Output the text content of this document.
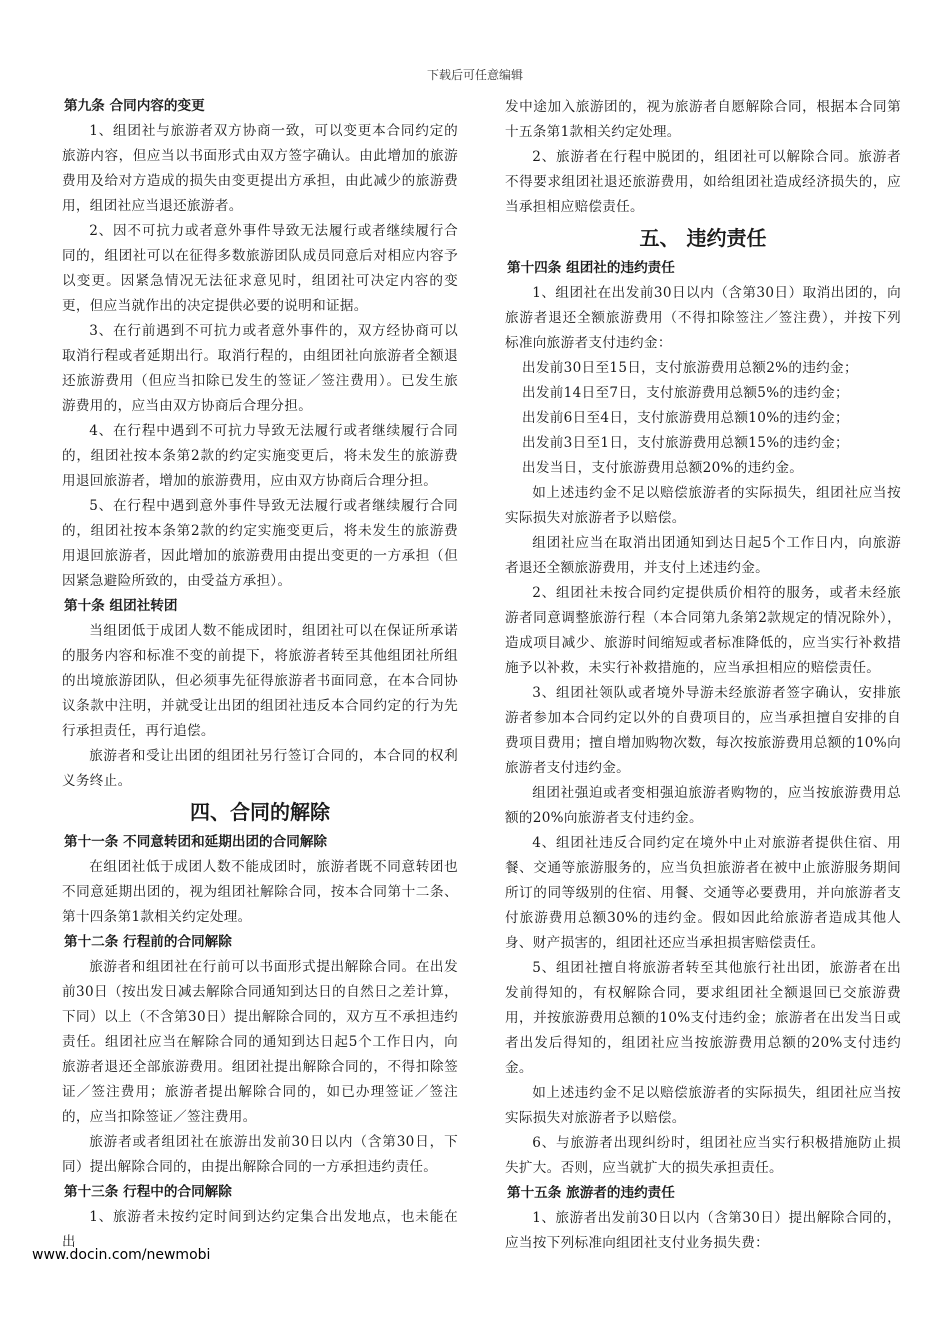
下载后可任意编辑

第九条 合同内容的变更

1、组团社与旅游者双方协商一致，可以变更本合同约定的旅游内容，但应当以书面形式由双方签字确认。由此增加的旅游费用及给对方造成的损失由变更提出方承担，由此减少的旅游费用，组团社应当退还旅游者。

2、因不可抗力或者意外事件导致无法履行或者继续履行合同的，组团社可以在征得多数旅游团队成员同意后对相应内容予以变更。因紧急情况无法征求意见时，组团社可决定内容的变更，但应当就作出的决定提供必要的说明和证据。

3、在行前遇到不可抗力或者意外事件的，双方经协商可以取消行程或者延期出行。取消行程的，由组团社向旅游者全额退还旅游费用（但应当扣除已发生的签证／签注费用）。已发生旅游费用的，应当由双方协商后合理分担。

4、在行程中遇到不可抗力导致无法履行或者继续履行合同的，组团社按本条第2款的约定实施变更后，将未发生的旅游费用退回旅游者，增加的旅游费用，应由双方协商后合理分担。

5、在行程中遇到意外事件导致无法履行或者继续履行合同的，组团社按本条第2款的约定实施变更后，将未发生的旅游费用退回旅游者，因此增加的旅游费用由提出变更的一方承担（但因紧急避险所致的，由受益方承担）。

第十条 组团社转团

当组团低于成团人数不能成团时，组团社可以在保证所承诺的服务内容和标准不变的前提下，将旅游者转至其他组团社所组的出境旅游团队，但必须事先征得旅游者书面同意，在本合同协议条款中注明，并就受让出团的组团社违反本合同约定的行为先行承担责任，再行追偿。

旅游者和受让出团的组团社另行签订合同的，本合同的权利义务终止。

四、合同的解除

第十一条 不同意转团和延期出团的合同解除

在组团社低于成团人数不能成团时，旅游者既不同意转团也不同意延期出团的，视为组团社解除合同，按本合同第十二条、第十四条第1款相关约定处理。

第十二条 行程前的合同解除

旅游者和组团社在行前可以书面形式提出解除合同。在出发前30日（按出发日减去解除合同通知到达日的自然日之差计算，下同）以上（不含第30日）提出解除合同的，双方互不承担违约责任。组团社应当在解除合同的通知到达日起5个工作日内，向旅游者退还全部旅游费用。组团社提出解除合同的，不得扣除签证／签注费用；旅游者提出解除合同的，如已办理签证／签注的，应当扣除签证／签注费用。

旅游者或者组团社在旅游出发前30日以内（含第30日，下同）提出解除合同的，由提出解除合同的一方承担违约责任。

第十三条 行程中的合同解除

1、旅游者未按约定时间到达约定集合出发地点，也未能在出

发中途加入旅游团的，视为旅游者自愿解除合同，根据本合同第十五条第1款相关约定处理。

2、旅游者在行程中脱团的，组团社可以解除合同。旅游者不得要求组团社退还旅游费用，如给组团社造成经济损失的，应当承担相应赔偿责任。

五、 违约责任

第十四条 组团社的违约责任

1、组团社在出发前30日以内（含第30日）取消出团的，向旅游者退还全额旅游费用（不得扣除签注／签注费），并按下列标准向旅游者支付违约金：

出发前30日至15日，支付旅游费用总额2%的违约金；

出发前14日至7日，支付旅游费用总额5%的违约金；

出发前6日至4日，支付旅游费用总额10%的违约金；

出发前3日至1日，支付旅游费用总额15%的违约金；

出发当日，支付旅游费用总额20%的违约金。

如上述违约金不足以赔偿旅游者的实际损失，组团社应当按实际损失对旅游者予以赔偿。

组团社应当在取消出团通知到达日起5个工作日内，向旅游者退还全额旅游费用，并支付上述违约金。

2、组团社未按合同约定提供质价相符的服务，或者未经旅游者同意调整旅游行程（本合同第九条第2款规定的情况除外），造成项目减少、旅游时间缩短或者标准降低的，应当实行补救措施予以补救，未实行补救措施的，应当承担相应的赔偿责任。

3、组团社领队或者境外导游未经旅游者签字确认，安排旅游者参加本合同约定以外的自费项目的，应当承担擅自安排的自费项目费用；擅自增加购物次数，每次按旅游费用总额的10%向旅游者支付违约金。

组团社强迫或者变相强迫旅游者购物的，应当按旅游费用总额的20%向旅游者支付违约金。

4、组团社违反合同约定在境外中止对旅游者提供住宿、用餐、交通等旅游服务的，应当负担旅游者在被中止旅游服务期间所订的同等级别的住宿、用餐、交通等必要费用，并向旅游者支付旅游费用总额30%的违约金。假如因此给旅游者造成其他人身、财产损害的，组团社还应当承担损害赔偿责任。

5、组团社擅自将旅游者转至其他旅行社出团，旅游者在出发前得知的，有权解除合同，要求组团社全额退回已交旅游费用，并按旅游费用总额的10%支付违约金；旅游者在出发当日或者出发后得知的，组团社应当按旅游费用总额的20%支付违约金。

如上述违约金不足以赔偿旅游者的实际损失，组团社应当按实际损失对旅游者予以赔偿。

6、与旅游者出现纠纷时，组团社应当实行积极措施防止损失扩大。否则，应当就扩大的损失承担责任。

第十五条 旅游者的违约责任

1、旅游者出发前30日以内（含第30日）提出解除合同的，应当按下列标准向组团社支付业务损失费：

www.docin.com/newmobi
